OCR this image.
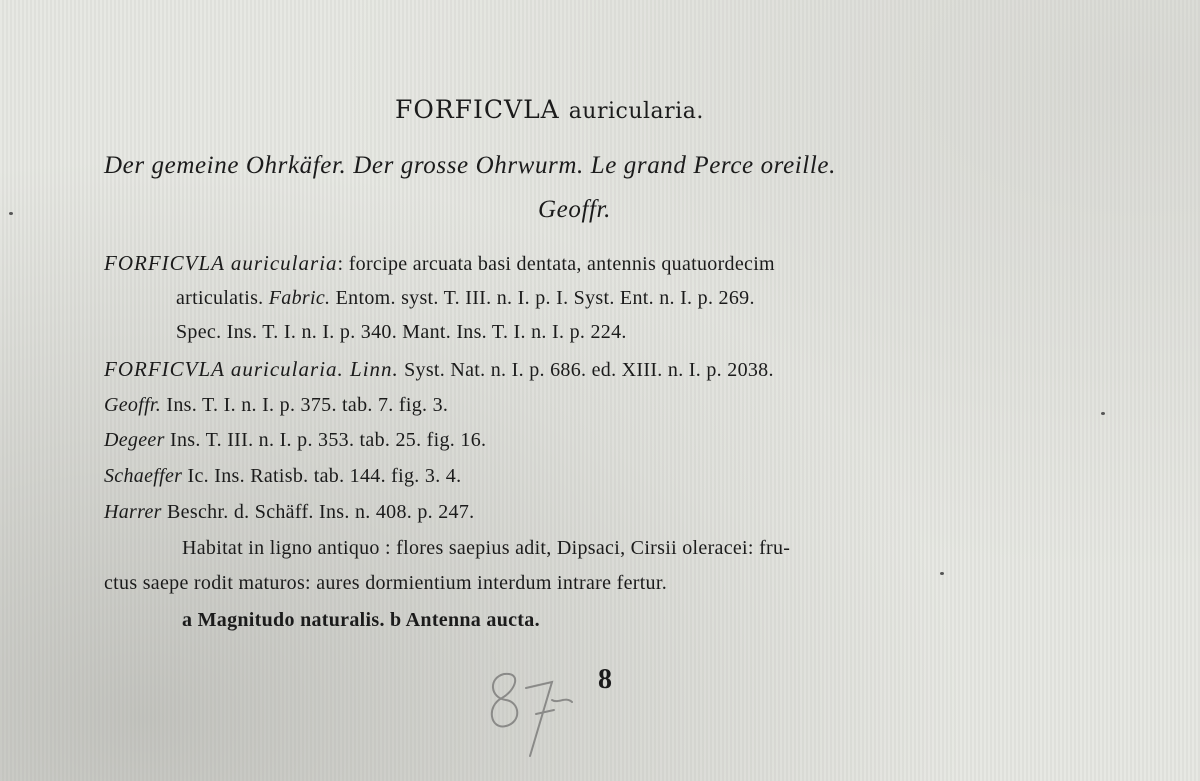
FORFICVLA auricularia.
Der gemeine Ohrkäfer. Der grosse Ohrwurm. Le grand Perce oreille.
Geoffr.
FORFICVLA auricularia: forcipe arcuata basi dentata, antennis quatuordecim
articulatis. Fabric. Entom. syst. T. III. n. I. p. I. Syst. Ent. n. I. p. 269.
Spec. Ins. T. I. n. I. p. 340. Mant. Ins. T. I. n. I. p. 224.
FORFICVLA auricularia. Linn. Syst. Nat. n. I. p. 686. ed. XIII. n. I. p. 2038.
Geoffr. Ins. T. I. n. I. p. 375. tab. 7. fig. 3.
Degeer Ins. T. III. n. I. p. 353. tab. 25. fig. 16.
Schaeffer Ic. Ins. Ratisb. tab. 144. fig. 3. 4.
Harrer Beschr. d. Schäff. Ins. n. 408. p. 247.
Habitat in ligno antiquo : flores saepius adit, Dipsaci, Cirsii oleracei: fru-
ctus saepe rodit maturos: aures dormientium interdum intrare fertur.
a Magnitudo naturalis. b Antenna aucta.
8
